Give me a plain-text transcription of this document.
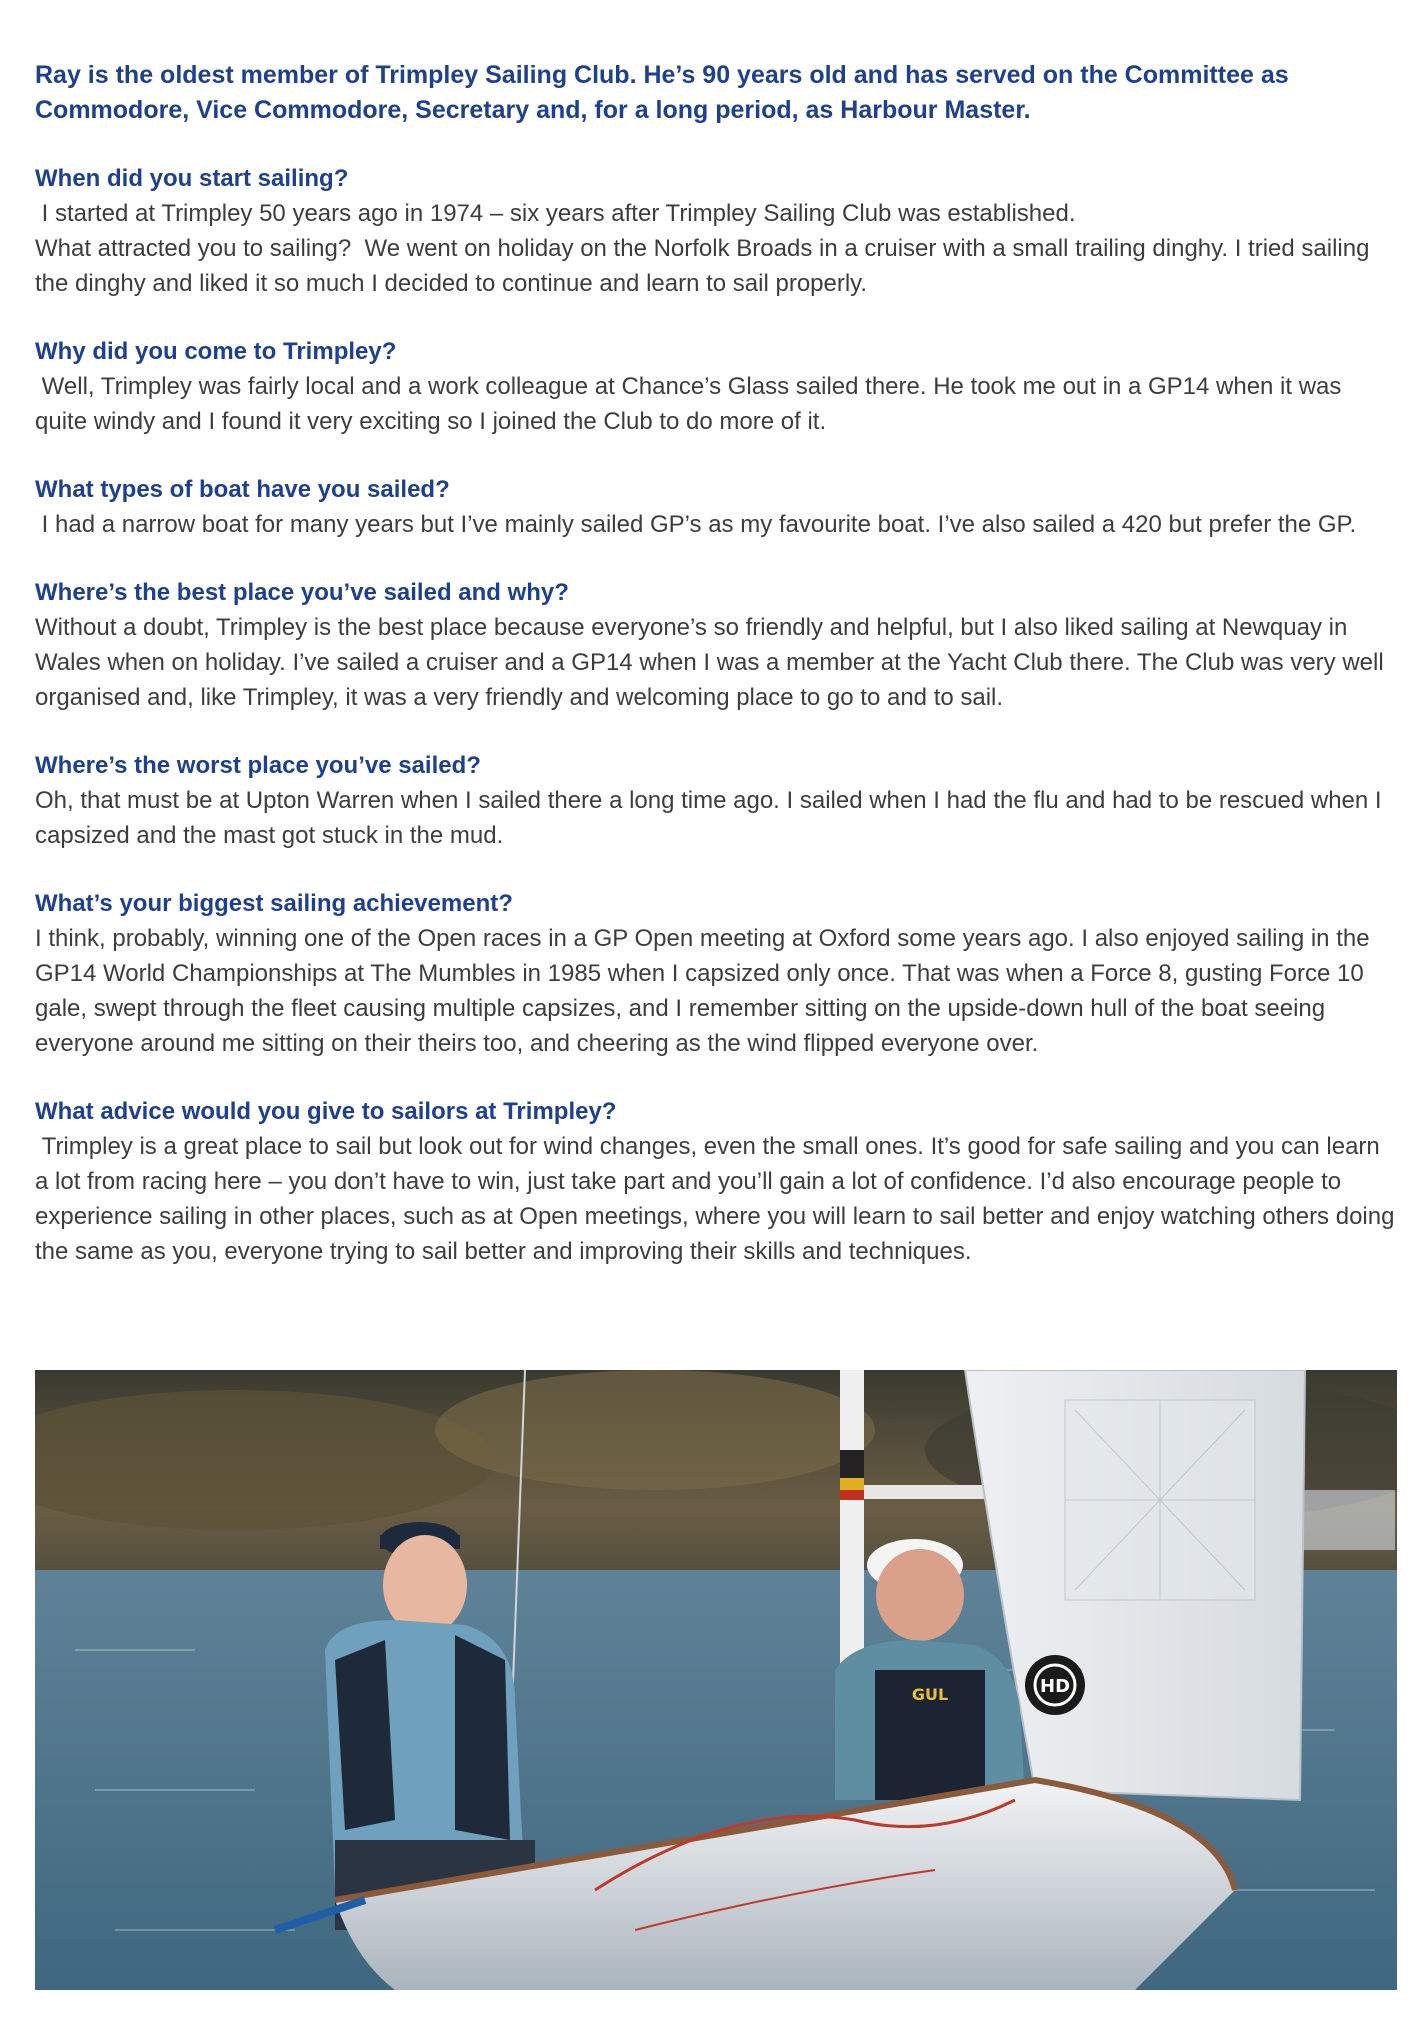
Ray is the oldest member of Trimpley Sailing Club. He’s 90 years old and has served on the Committee as Commodore, Vice Commodore, Secretary and, for a long period, as Harbour Master.

When did you start sailing?

I started at Trimpley 50 years ago in 1974 – six years after Trimpley Sailing Club was established.
What attracted you to sailing?  We went on holiday on the Norfolk Broads in a cruiser with a small trailing dinghy. I tried sailing the dinghy and liked it so much I decided to continue and learn to sail properly.

Why did you come to Trimpley?

Well, Trimpley was fairly local and a work colleague at Chance’s Glass sailed there. He took me out in a GP14 when it was quite windy and I found it very exciting so I joined the Club to do more of it.

What types of boat have you sailed?

I had a narrow boat for many years but I’ve mainly sailed GP’s as my favourite boat. I’ve also sailed a 420 but prefer the GP.

Where’s the best place you’ve sailed and why?

Without a doubt, Trimpley is the best place because everyone’s so friendly and helpful, but I also liked sailing at Newquay in Wales when on holiday. I’ve sailed a cruiser and a GP14 when I was a member at the Yacht Club there. The Club was very well organised and, like Trimpley, it was a very friendly and welcoming place to go to and to sail.

Where’s the worst place you’ve sailed?

Oh, that must be at Upton Warren when I sailed there a long time ago. I sailed when I had the flu and had to be rescued when I capsized and the mast got stuck in the mud.

What’s your biggest sailing achievement?

I think, probably, winning one of the Open races in a GP Open meeting at Oxford some years ago. I also enjoyed sailing in the GP14 World Championships at The Mumbles in 1985 when I capsized only once. That was when a Force 8, gusting Force 10 gale, swept through the fleet causing multiple capsizes, and I remember sitting on the upside-down hull of the boat seeing everyone around me sitting on their theirs too, and cheering as the wind flipped everyone over.

What advice would you give to sailors at Trimpley?

Trimpley is a great place to sail but look out for wind changes, even the small ones. It’s good for safe sailing and you can learn a lot from racing here – you don’t have to win, just take part and you’ll gain a lot of confidence. I’d also encourage people to experience sailing in other places, such as at Open meetings, where you will learn to sail better and enjoy watching others doing the same as you, everyone trying to sail better and improving their skills and techniques.

HD
GUL
